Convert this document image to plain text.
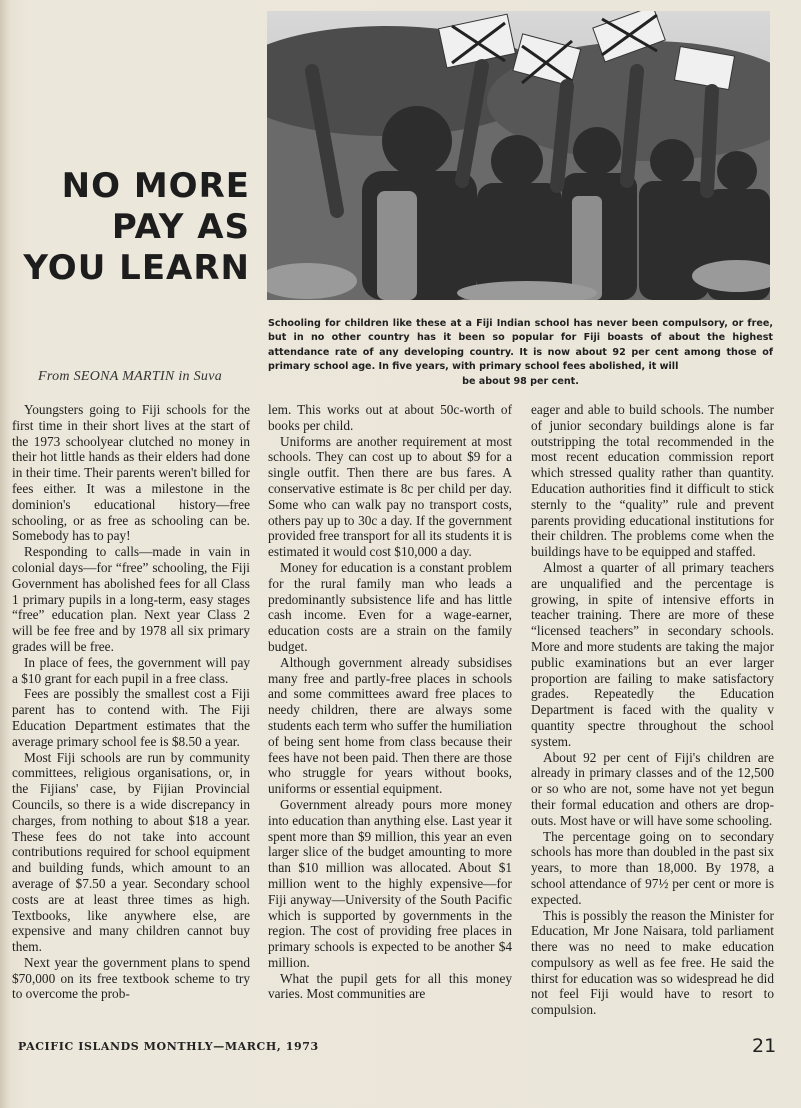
NO MORE
PAY AS
YOU LEARN
From SEONA MARTIN in Suva
Schooling for children like these at a Fiji Indian school has never been compulsory, or free, but in no other country has it been so popular for Fiji boasts of about the highest attendance rate of any developing country. It is now about 92 per cent among those of primary school age. In five years, with primary school fees abolished, it will
be about 98 per cent.

Youngsters going to Fiji schools for the first time in their short lives at the start of the 1973 schoolyear clutched no money in their hot little hands as their elders had done in their time. Their parents weren't billed for fees either. It was a milestone in the dominion's educational history—free schooling, or as free as schooling can be. Somebody has to pay!

Responding to calls—made in vain in colonial days—for “free” schooling, the Fiji Government has abolished fees for all Class 1 primary pupils in a long-term, easy stages “free” education plan. Next year Class 2 will be fee free and by 1978 all six primary grades will be free.

In place of fees, the government will pay a $10 grant for each pupil in a free class.

Fees are possibly the smallest cost a Fiji parent has to contend with. The Fiji Education Department estimates that the average primary school fee is $8.50 a year.

Most Fiji schools are run by community committees, religious organisations, or, in the Fijians' case, by Fijian Provincial Councils, so there is a wide discrepancy in charges, from nothing to about $18 a year. These fees do not take into account contributions required for school equipment and building funds, which amount to an average of $7.50 a year. Secondary school costs are at least three times as high. Textbooks, like anywhere else, are expensive and many children cannot buy them.

Next year the government plans to spend $70,000 on its free textbook scheme to try to overcome the prob-

lem. This works out at about 50c-worth of books per child.

Uniforms are another requirement at most schools. They can cost up to about $9 for a single outfit. Then there are bus fares. A conservative estimate is 8c per child per day. Some who can walk pay no transport costs, others pay up to 30c a day. If the government provided free transport for all its students it is estimated it would cost $10,000 a day.

Money for education is a constant problem for the rural family man who leads a predominantly subsistence life and has little cash income. Even for a wage-earner, education costs are a strain on the family budget.

Although government already subsidises many free and partly-free places in schools and some committees award free places to needy children, there are always some students each term who suffer the humiliation of being sent home from class because their fees have not been paid. Then there are those who struggle for years without books, uniforms or essential equipment.

Government already pours more money into education than anything else. Last year it spent more than $9 million, this year an even larger slice of the budget amounting to more than $10 million was allocated. About $1 million went to the highly expensive—for Fiji anyway—University of the South Pacific which is supported by governments in the region. The cost of providing free places in primary schools is expected to be another $4 million.

What the pupil gets for all this money varies. Most communities are

eager and able to build schools. The number of junior secondary buildings alone is far outstripping the total recommended in the most recent education commission report which stressed quality rather than quantity. Education authorities find it difficult to stick sternly to the “quality” rule and prevent parents providing educational institutions for their children. The problems come when the buildings have to be equipped and staffed.

Almost a quarter of all primary teachers are unqualified and the percentage is growing, in spite of intensive efforts in teacher training. There are more of these “licensed teachers” in secondary schools. More and more students are taking the major public examinations but an ever larger proportion are failing to make satisfactory grades. Repeatedly the Education Department is faced with the quality v quantity spectre throughout the school system.

About 92 per cent of Fiji's children are already in primary classes and of the 12,500 or so who are not, some have not yet begun their formal education and others are drop-outs. Most have or will have some schooling.

The percentage going on to secondary schools has more than doubled in the past six years, to more than 18,000. By 1978, a school attendance of 97½ per cent or more is expected.

This is possibly the reason the Minister for Education, Mr Jone Naisara, told parliament there was no need to make education compulsory as well as fee free. He said the thirst for education was so widespread he did not feel Fiji would have to resort to compulsion.

PACIFIC ISLANDS MONTHLY—MARCH, 1973	21
